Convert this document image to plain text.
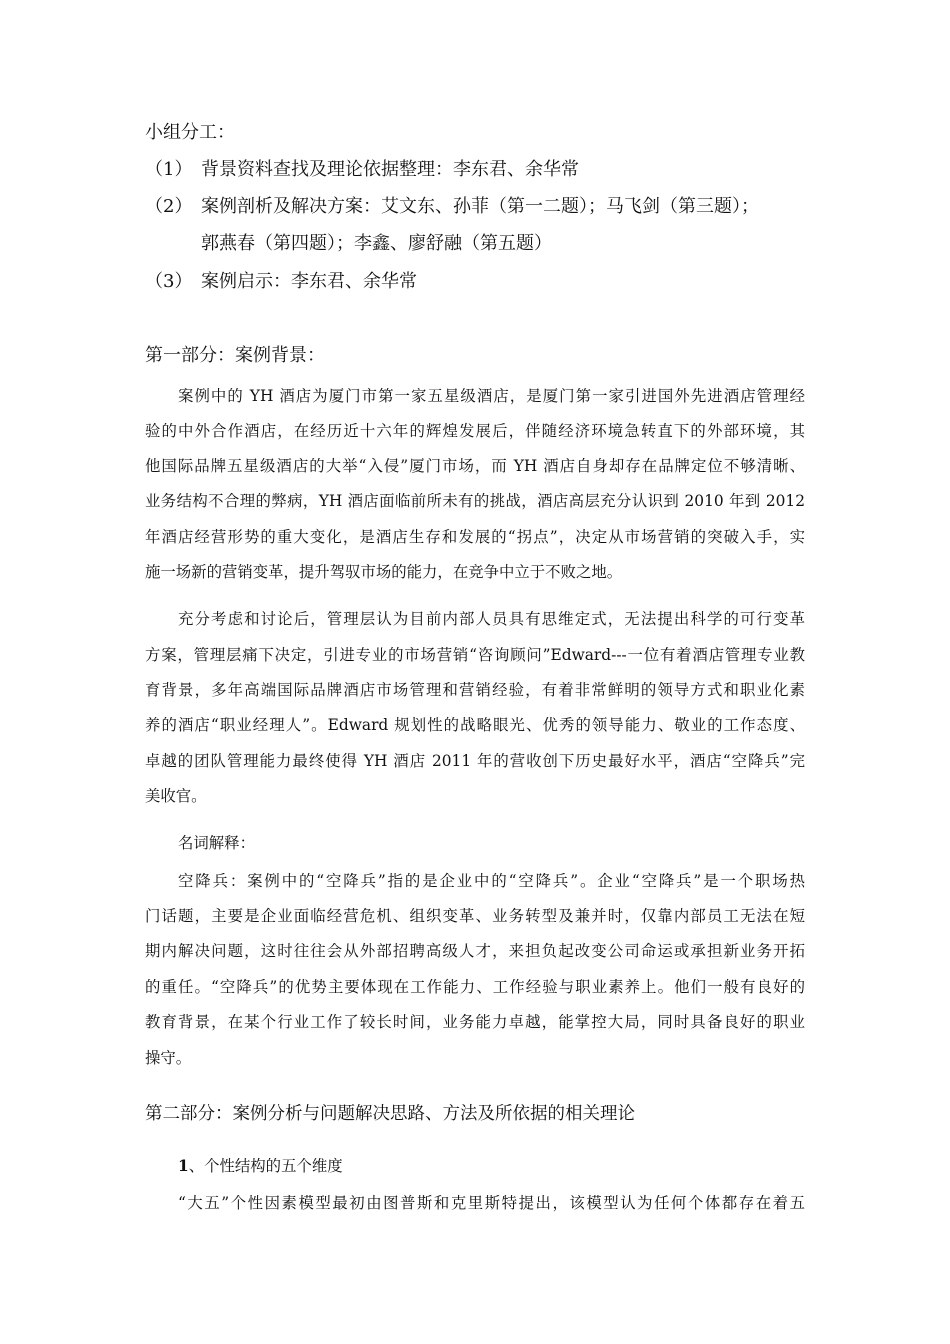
小组分工：
（1） 背景资料查找及理论依据整理：李东君、余华常
（2） 案例剖析及解决方案：艾文东、孙菲（第一二题）；马飞剑（第三题）；
郭燕春（第四题）；李鑫、廖舒融（第五题）
（3） 案例启示：李东君、余华常
第一部分：案例背景：
案例中的 YH 酒店为厦门市第一家五星级酒店，是厦门第一家引进国外先进酒店管理经
验的中外合作酒店，在经历近十六年的辉煌发展后，伴随经济环境急转直下的外部环境，其
他国际品牌五星级酒店的大举“入侵”厦门市场，而 YH 酒店自身却存在品牌定位不够清晰、
业务结构不合理的弊病，YH 酒店面临前所未有的挑战，酒店高层充分认识到 2010 年到 2012
年酒店经营形势的重大变化，是酒店生存和发展的“拐点”，决定从市场营销的突破入手，实
施一场新的营销变革，提升驾驭市场的能力，在竞争中立于不败之地。
充分考虑和讨论后，管理层认为目前内部人员具有思维定式，无法提出科学的可行变革
方案，管理层痛下决定，引进专业的市场营销“咨询顾问”Edward---一位有着酒店管理专业教
育背景，多年高端国际品牌酒店市场管理和营销经验，有着非常鲜明的领导方式和职业化素
养的酒店“职业经理人”。Edward 规划性的战略眼光、优秀的领导能力、敬业的工作态度、
卓越的团队管理能力最终使得 YH 酒店 2011 年的营收创下历史最好水平，酒店“空降兵”完
美收官。
名词解释：
空降兵：案例中的“空降兵”指的是企业中的“空降兵”。企业“空降兵”是一个职场热
门话题，主要是企业面临经营危机、组织变革、业务转型及兼并时，仅靠内部员工无法在短
期内解决问题，这时往往会从外部招聘高级人才，来担负起改变公司命运或承担新业务开拓
的重任。“空降兵”的优势主要体现在工作能力、工作经验与职业素养上。他们一般有良好的
教育背景，在某个行业工作了较长时间，业务能力卓越，能掌控大局，同时具备良好的职业
操守。
第二部分：案例分析与问题解决思路、方法及所依据的相关理论
1、个性结构的五个维度
“大五”个性因素模型最初由图普斯和克里斯特提出，该模型认为任何个体都存在着五
